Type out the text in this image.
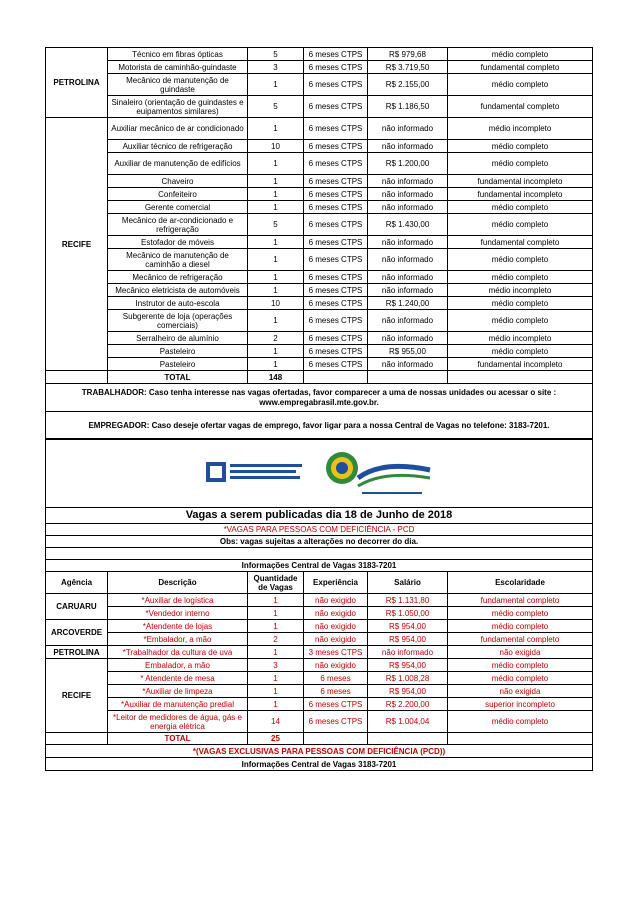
PETROLINA	Técnico em fibras ópticas	5	6 meses CTPS	R$ 979,68	médio completo
	Motorista de caminhão-guindaste	3	6 meses CTPS	R$ 3.719,50	fundamental completo
	Mecânico de manutenção de guindaste	1	6 meses CTPS	R$ 2.155,00	médio completo
	Sinaleiro (orientação de guindastes e euipamentos similares)	5	6 meses CTPS	R$ 1.186,50	fundamental completo
RECIFE	Auxiliar mecânico de ar condicionado	1	6 meses CTPS	não informado	médio incompleto
	Auxiliar técnico de refrigeração	10	6 meses CTPS	não informado	médio completo
	Auxiliar de manutenção de edifícios	1	6 meses CTPS	R$ 1.200,00	médio completo
	Chaveiro	1	6 meses CTPS	não informado	fundamental incompleto
	Confeiteiro	1	6 meses CTPS	não informado	fundamental incompleto
	Gerente comercial	1	6 meses CTPS	não informado	médio completo
	Mecânico de ar-condicionado e refrigeração	5	6 meses CTPS	R$ 1.430,00	médio completo
	Estofador de móveis	1	6 meses CTPS	não informado	fundamental completo
	Mecânico de manutenção de caminhão a diesel	1	6 meses CTPS	não informado	médio completo
	Mecânico de refrigeração	1	6 meses CTPS	não informado	médio completo
	Mecânico eletricista de automóveis	1	6 meses CTPS	não informado	médio incompleto
	Instrutor de auto-escola	10	6 meses CTPS	R$ 1.240,00	médio completo
	Subgerente de loja (operações comerciais)	1	6 meses CTPS	não informado	médio completo
	Serralheiro de alumínio	2	6 meses CTPS	não informado	médio incompleto
	Pasteleiro	1	6 meses CTPS	R$ 955,00	médio completo
	Pasteleiro	1	6 meses CTPS	não informado	fundamental incompleto
	TOTAL	148			

TRABALHADOR: Caso tenha interesse nas vagas ofertadas, favor comparecer a uma de nossas unidades ou acessar o site :
www.empregabrasil.mte.gov.br.					

EMPREGADOR: Caso deseje ofertar vagas de emprego, favor ligar para a nossa Central de Vagas no telefone: 3183-7201.					

Vagas a serem publicadas dia 18 de Junho de 2018					
*VAGAS PARA PESSOAS COM DEFICIÊNCIA - PCD					
Obs: vagas sujeitas a alterações no decorrer do dia.					

Informações Central de Vagas 3183-7201					
Agência	Descrição	Quantidade de Vagas	Experiência	Salário	Escolaridade
CARUARU	*Auxiliar de logística	1	não exigido	R$ 1.131,80	fundamental completo
	*Vendedor interno	1	não exigido	R$ 1.050,00	médio completo
ARCOVERDE	*Atendente de lojas	1	não exigido	R$ 954,00	médio completo
	*Embalador, a mão	2	não exigido	R$ 954,00	fundamental completo
PETROLINA	*Trabalhador da cultura de uva	1	3 meses CTPS	não informado	não exigida
RECIFE	Embalador, a mão	3	não exigido	R$ 954,00	médio completo
	* Atendente de mesa	1	6 meses	R$ 1.008,28	médio completo
	*Auxiliar de limpeza	1	6 meses	R$ 954,00	não exigida
	*Auxiliar de manutenção predial	1	6 meses CTPS	R$ 2.200,00	superior incompleto
	*Leitor de medidores de água, gás e energia elétrica	14	6 meses CTPS	R$ 1.004,04	médio completo
	TOTAL	25			
*(VAGAS EXCLUSIVAS PARA PESSOAS COM DEFICIÊNCIA (PCD))					
Informações Central de Vagas 3183-7201					
